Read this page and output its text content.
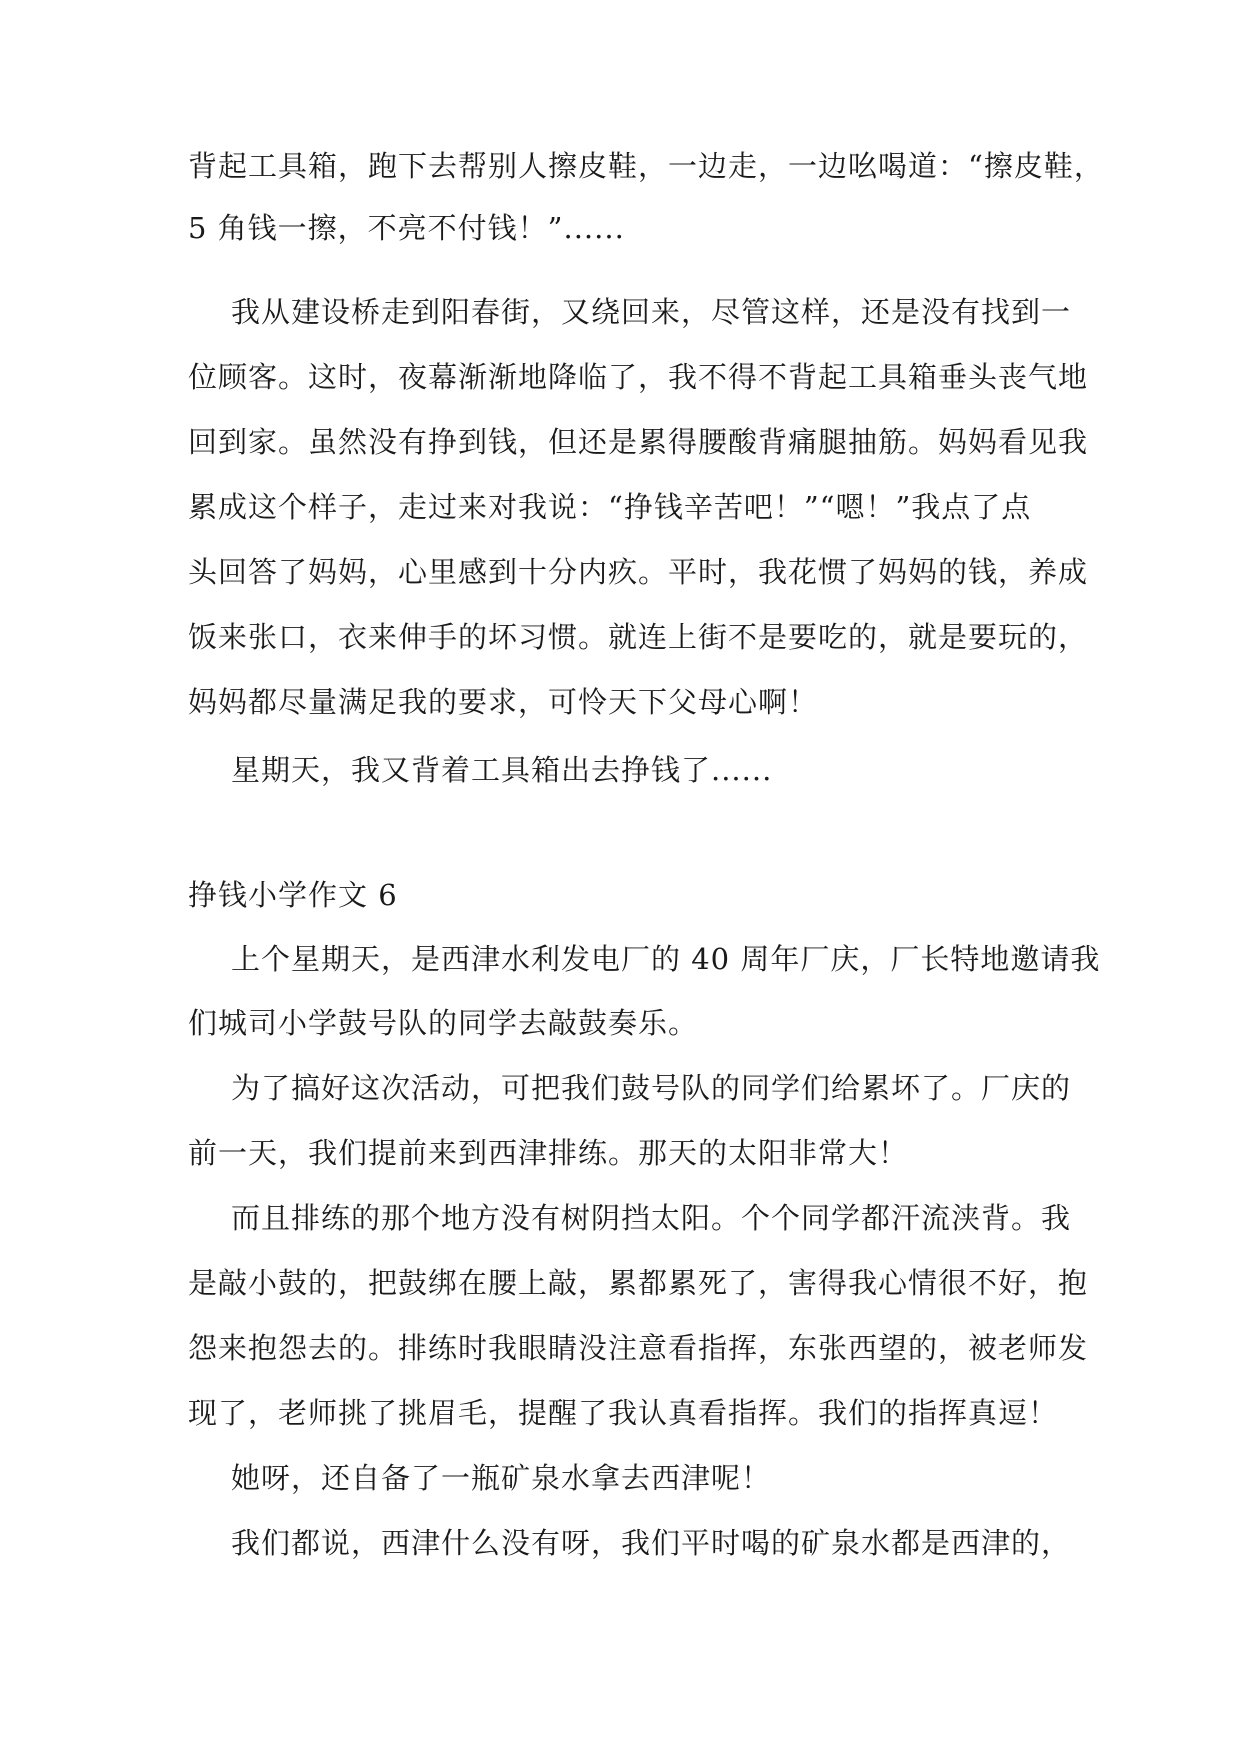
背起工具箱，跑下去帮别人擦皮鞋，一边走，一边吆喝道：“擦皮鞋，
5 角钱一擦，不亮不付钱！”......
我从建设桥走到阳春街，又绕回来，尽管这样，还是没有找到一
位顾客。这时，夜幕渐渐地降临了，我不得不背起工具箱垂头丧气地
回到家。虽然没有挣到钱，但还是累得腰酸背痛腿抽筋。妈妈看见我
累成这个样子，走过来对我说：“挣钱辛苦吧！”“嗯！”我点了点
头回答了妈妈，心里感到十分内疚。平时，我花惯了妈妈的钱，养成
饭来张口，衣来伸手的坏习惯。就连上街不是要吃的，就是要玩的，
妈妈都尽量满足我的要求，可怜天下父母心啊！
星期天，我又背着工具箱出去挣钱了......
挣钱小学作文 6
上个星期天，是西津水利发电厂的 40 周年厂庆，厂长特地邀请我
们城司小学鼓号队的同学去敲鼓奏乐。
为了搞好这次活动，可把我们鼓号队的同学们给累坏了。厂庆的
前一天，我们提前来到西津排练。那天的太阳非常大！
而且排练的那个地方没有树阴挡太阳。个个同学都汗流浃背。我
是敲小鼓的，把鼓绑在腰上敲，累都累死了，害得我心情很不好，抱
怨来抱怨去的。排练时我眼睛没注意看指挥，东张西望的，被老师发
现了，老师挑了挑眉毛，提醒了我认真看指挥。我们的指挥真逗！
她呀，还自备了一瓶矿泉水拿去西津呢！
我们都说，西津什么没有呀，我们平时喝的矿泉水都是西津的，
